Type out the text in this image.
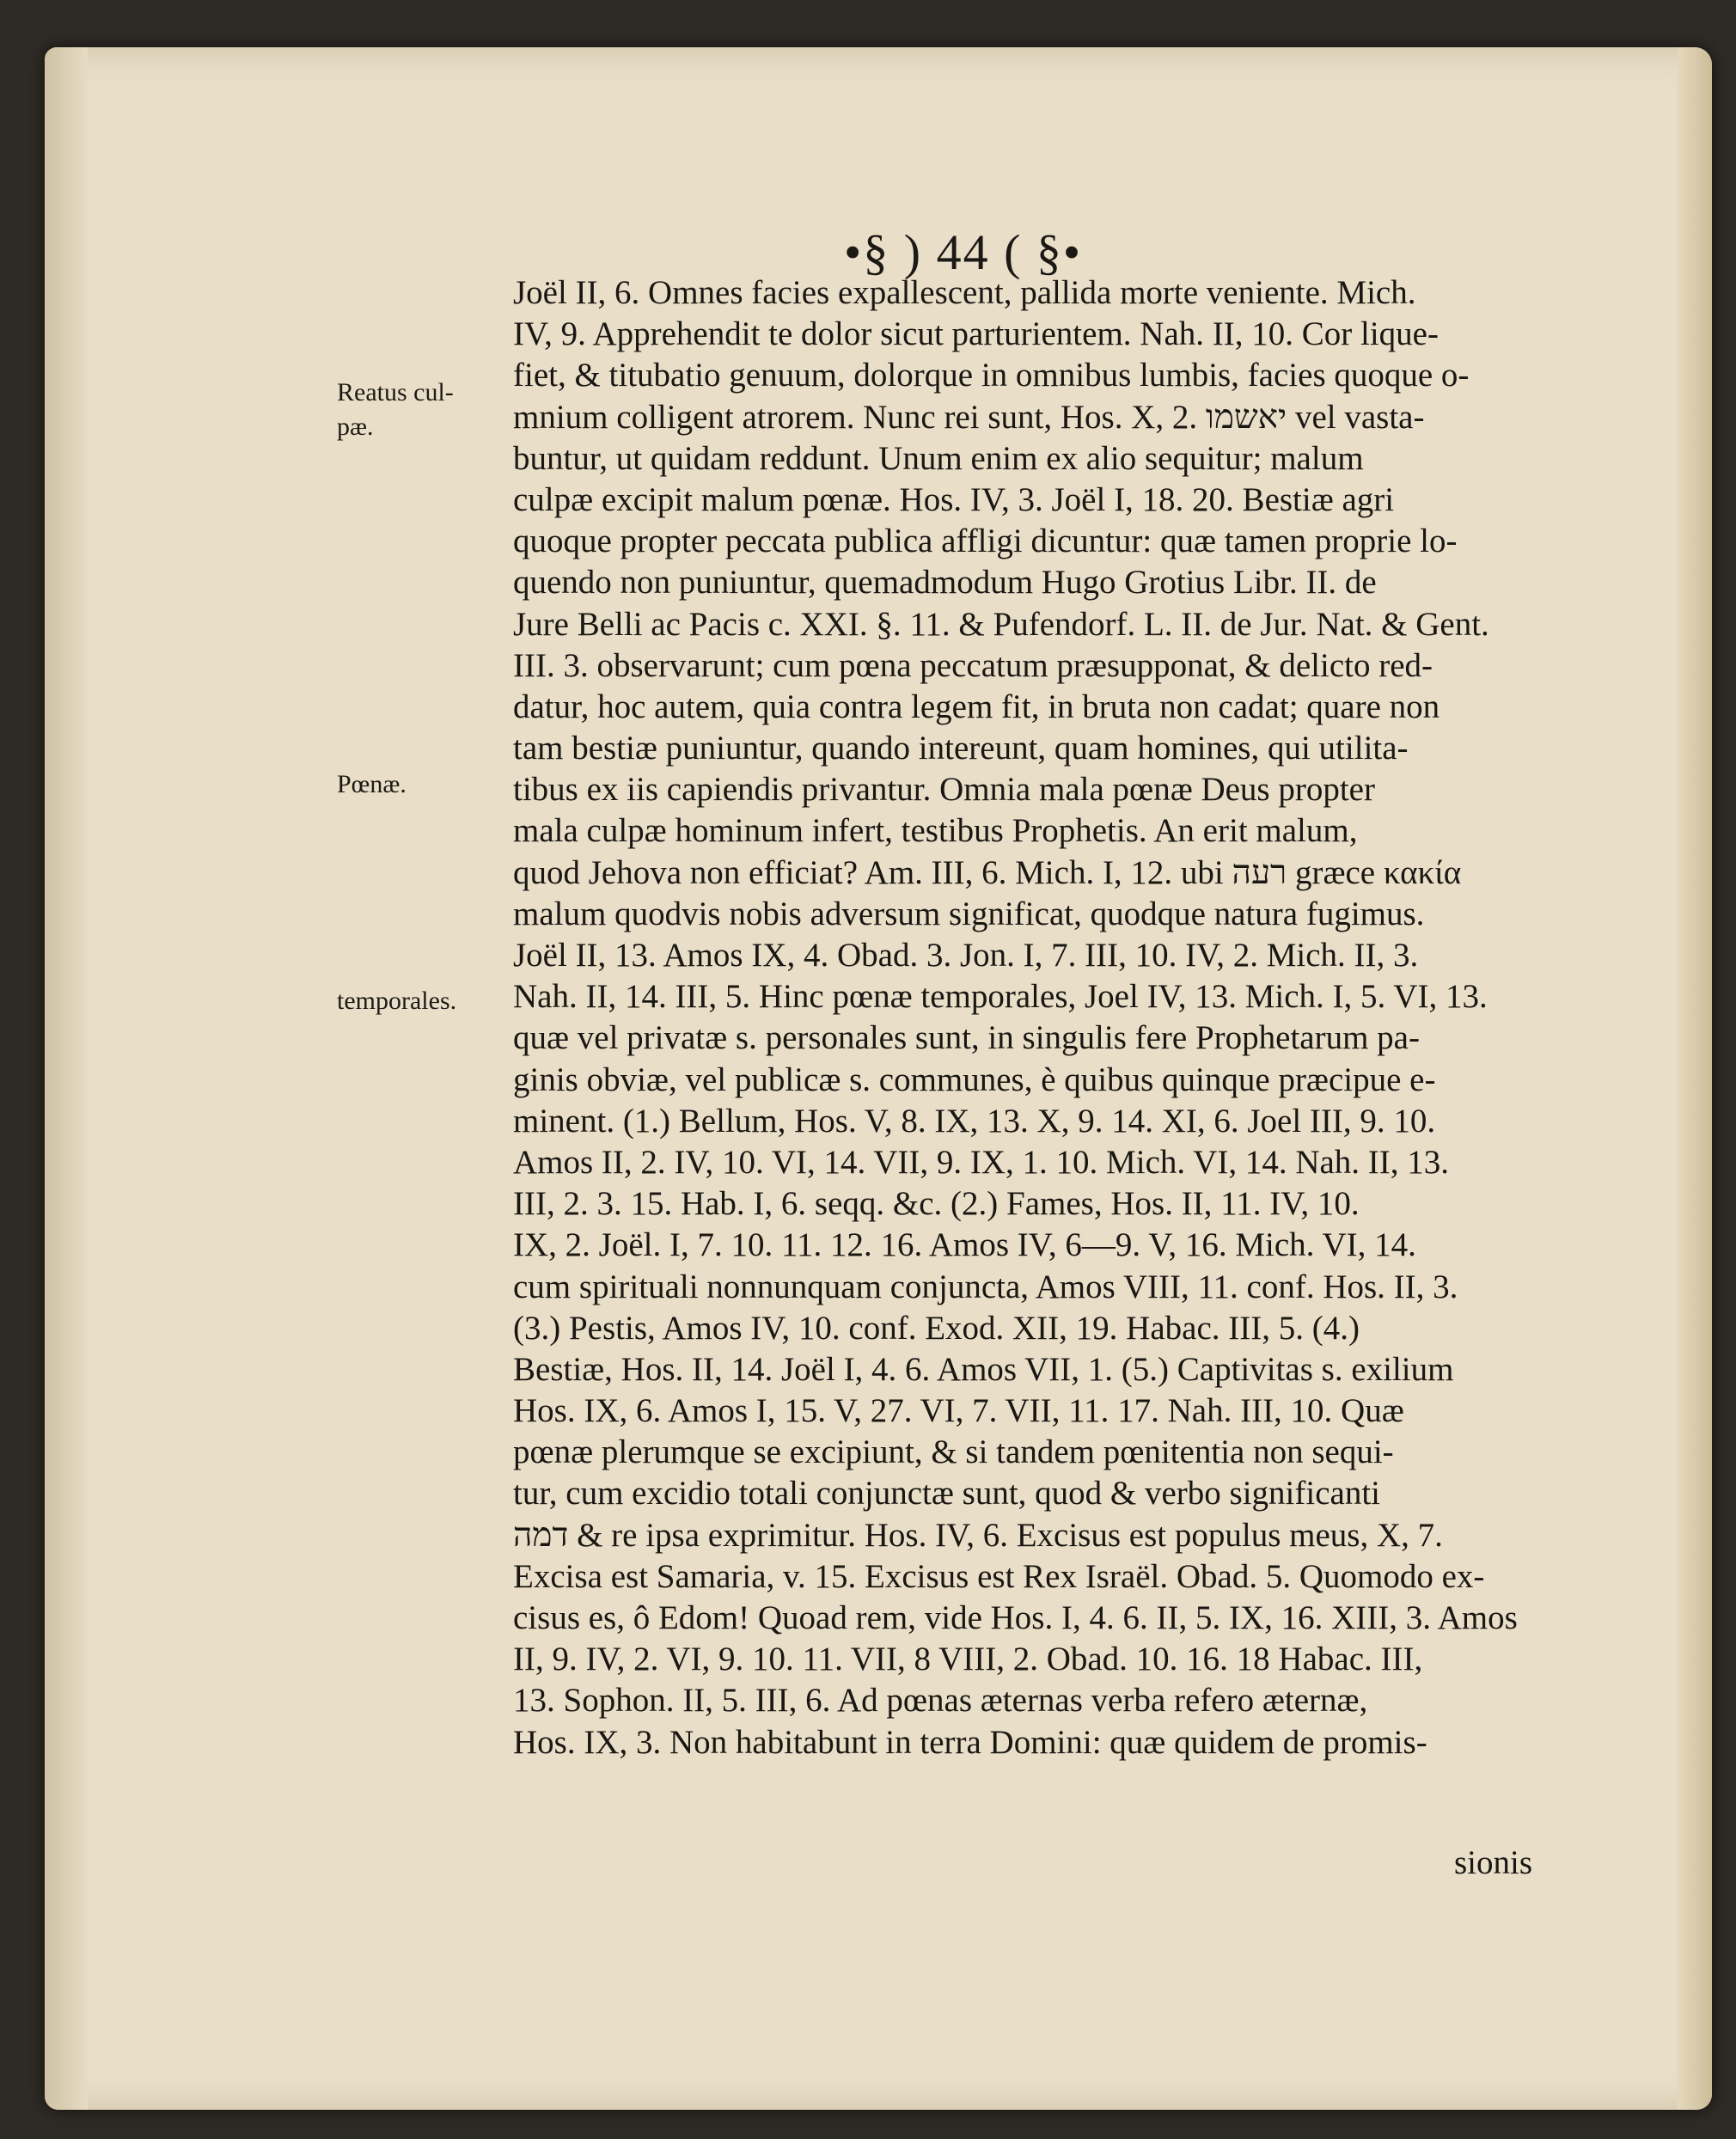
•§ ) 44 ( §•
Reatus cul-
pæ.
Pœnæ.
temporales.
Joël II, 6. Omnes facies expallescent, pallida morte veniente. Mich.
IV, 9. Apprehendit te dolor sicut parturientem. Nah. II, 10. Cor lique-
fiet, & titubatio genuum, dolorque in omnibus lumbis, facies quoque o-
mnium colligent atrorem. Nunc rei sunt, Hos. X, 2. יאשמו vel vasta-
buntur, ut quidam reddunt. Unum enim ex alio sequitur; malum
culpæ excipit malum pœnæ. Hos. IV, 3. Joël I, 18. 20. Bestiæ agri
quoque propter peccata publica affligi dicuntur: quæ tamen proprie lo-
quendo non puniuntur, quemadmodum Hugo Grotius Libr. II. de
Jure Belli ac Pacis c. XXI. §. 11. & Pufendorf. L. II. de Jur. Nat. & Gent.
III. 3. observarunt; cum pœna peccatum præsupponat, & delicto red-
datur, hoc autem, quia contra legem fit, in bruta non cadat; quare non
tam bestiæ puniuntur, quando intereunt, quam homines, qui utilita-
tibus ex iis capiendis privantur. Omnia mala pœnæ Deus propter
mala culpæ hominum infert, testibus Prophetis. An erit malum,
quod Jehova non efficiat? Am. III, 6. Mich. I, 12. ubi רעה græce κακία
malum quodvis nobis adversum significat, quodque natura fugimus.
Joël II, 13. Amos IX, 4. Obad. 3. Jon. I, 7. III, 10. IV, 2. Mich. II, 3.
Nah. II, 14. III, 5. Hinc pœnæ temporales, Joel IV, 13. Mich. I, 5. VI, 13.
quæ vel privatæ s. personales sunt, in singulis fere Prophetarum pa-
ginis obviæ, vel publicæ s. communes, è quibus quinque præcipue e-
minent. (1.) Bellum, Hos. V, 8. IX, 13. X, 9. 14. XI, 6. Joel III, 9. 10.
Amos II, 2. IV, 10. VI, 14. VII, 9. IX, 1. 10. Mich. VI, 14. Nah. II, 13.
III, 2. 3. 15. Hab. I, 6. seqq. &c. (2.) Fames, Hos. II, 11. IV, 10.
IX, 2. Joël. I, 7. 10. 11. 12. 16. Amos IV, 6—9. V, 16. Mich. VI, 14.
cum spirituali nonnunquam conjuncta, Amos VIII, 11. conf. Hos. II, 3.
(3.) Pestis, Amos IV, 10. conf. Exod. XII, 19. Habac. III, 5. (4.)
Bestiæ, Hos. II, 14. Joël I, 4. 6. Amos VII, 1. (5.) Captivitas s. exilium
Hos. IX, 6. Amos I, 15. V, 27. VI, 7. VII, 11. 17. Nah. III, 10. Quæ
pœnæ plerumque se excipiunt, & si tandem pœnitentia non sequi-
tur, cum excidio totali conjunctæ sunt, quod & verbo significanti
דמה & re ipsa exprimitur. Hos. IV, 6. Excisus est populus meus, X, 7.
Excisa est Samaria, v. 15. Excisus est Rex Israël. Obad. 5. Quomodo ex-
cisus es, ô Edom! Quoad rem, vide Hos. I, 4. 6. II, 5. IX, 16. XIII, 3. Amos
II, 9. IV, 2. VI, 9. 10. 11. VII, 8 VIII, 2. Obad. 10. 16. 18 Habac. III,
13. Sophon. II, 5. III, 6. Ad pœnas æternas verba refero æternæ,
Hos. IX, 3. Non habitabunt in terra Domini: quæ quidem de promis-
sionis
